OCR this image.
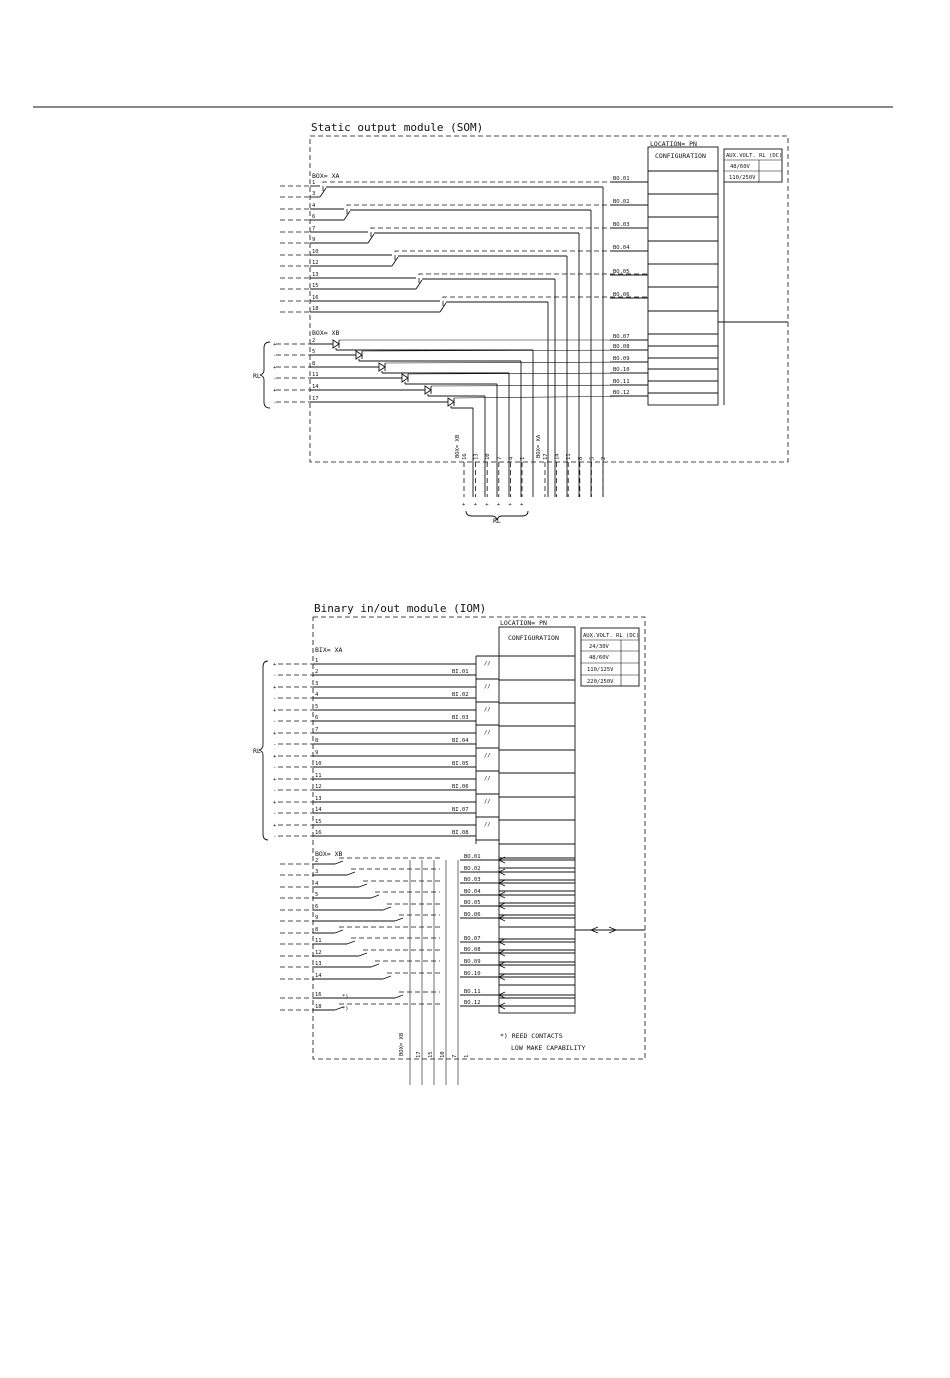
Static output module (SOM)
LOCATION= PN
CONFIGURATION	AUX.VOLT. RL (DC)
48/60V
110/250V
BOX= XA
BOX= XB
1
3
4
6
7
9
10
12
13
15
16
18
BO.01
BO.02
BO.03
BO.04
BO.05
BO.06
2
+
BO.07
5
-
BO.08
8
+
BO.09
11
-
BO.10
14
+
BO.11
17
-
BO.12
RL
BOX= XB 16
+
13
+
10
+
7
+
4
+
1
+
BOX= XA 17 14 11 8 5 2
RL
Binary in/out module (IOM)
LOCATION= PN
CONFIGURATION	AUX.VOLT. RL (DC)
24/30V
48/60V
110/125V
220/250V
BIX= XA
BOX= XB
1
+
2
-
3
+
4
-
5
+
6
-
7
+
8
-
9
+
10
-
11
+
12
-
13
+
14
-
15
+
16
-
BI.01
//
BI.02
//
BI.03
//
BI.04
//
BI.05
//
BI.06
//
BI.07
//
BI.08
//
2
3
4
5
6
9
8
11
12
13
14
16
18
*)
*)
BO.01
BO.02
BO.03
BO.04
BO.05
BO.06
BO.07
BO.08
BO.09
BO.10
BO.11
BO.12
RL
*) REED CONTACTS
LOW MAKE CAPABILITY
BOX= XB 17 15 10 7 1
